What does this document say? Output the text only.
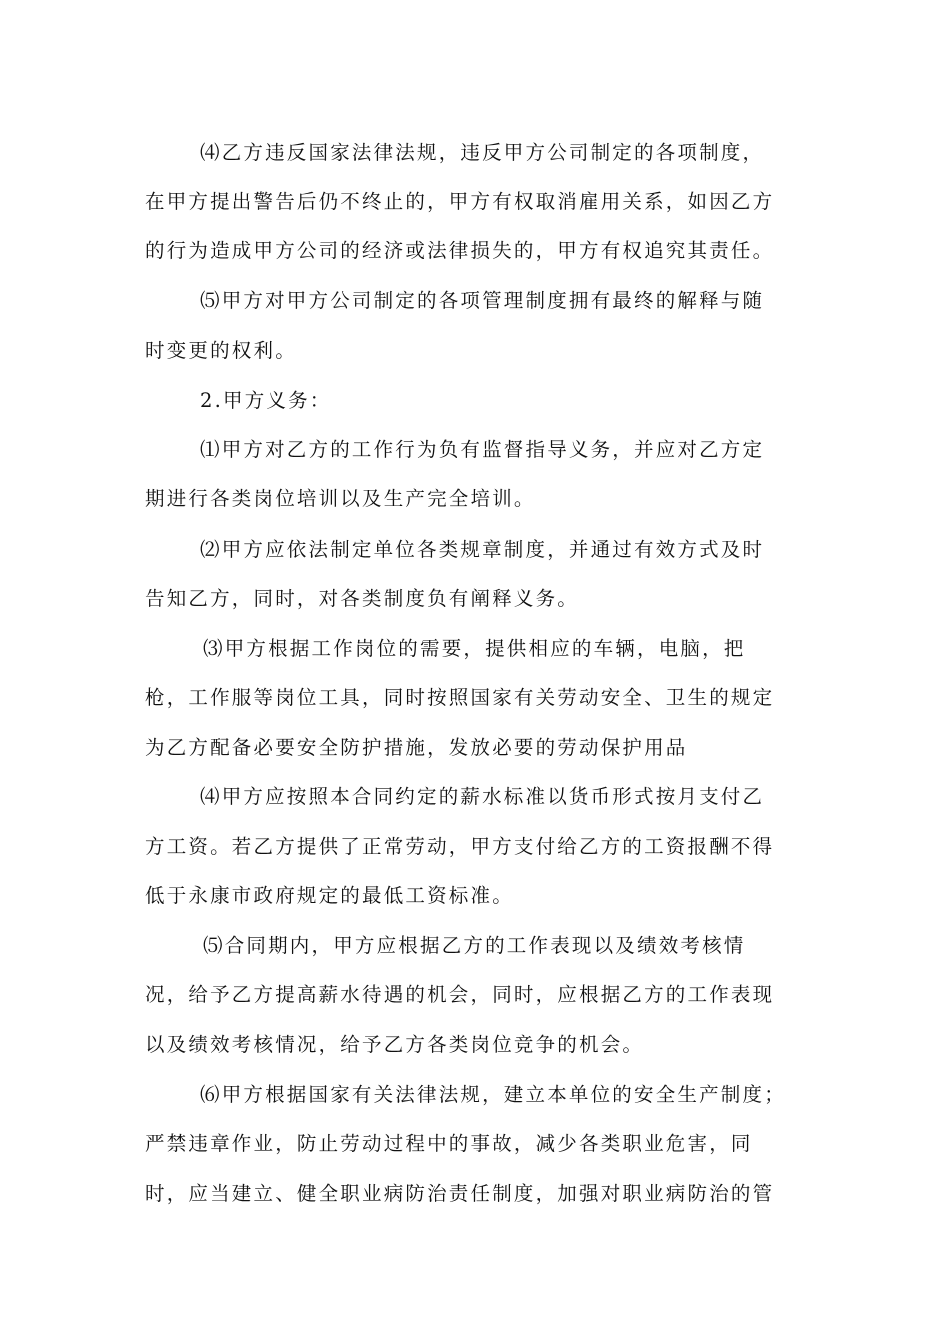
⑷乙方违反国家法律法规，违反甲方公司制定的各项制度，
在甲方提出警告后仍不终止的，甲方有权取消雇用关系，如因乙方
的行为造成甲方公司的经济或法律损失的，甲方有权追究其责任。
⑸甲方对甲方公司制定的各项管理制度拥有最终的解释与随
时变更的权利。
2.甲方义务：
⑴甲方对乙方的工作行为负有监督指导义务，并应对乙方定
期进行各类岗位培训以及生产完全培训。
⑵甲方应依法制定单位各类规章制度，并通过有效方式及时
告知乙方，同时，对各类制度负有阐释义务。
⑶甲方根据工作岗位的需要，提供相应的车辆，电脑，把
枪，工作服等岗位工具，同时按照国家有关劳动安全、卫生的规定
为乙方配备必要安全防护措施，发放必要的劳动保护用品
⑷甲方应按照本合同约定的薪水标准以货币形式按月支付乙
方工资。若乙方提供了正常劳动，甲方支付给乙方的工资报酬不得
低于永康市政府规定的最低工资标准。
⑸合同期内，甲方应根据乙方的工作表现以及绩效考核情
况，给予乙方提高薪水待遇的机会，同时，应根据乙方的工作表现
以及绩效考核情况，给予乙方各类岗位竞争的机会。
⑹甲方根据国家有关法律法规，建立本单位的安全生产制度；
严禁违章作业，防止劳动过程中的事故，减少各类职业危害，同
时，应当建立、健全职业病防治责任制度，加强对职业病防治的管
